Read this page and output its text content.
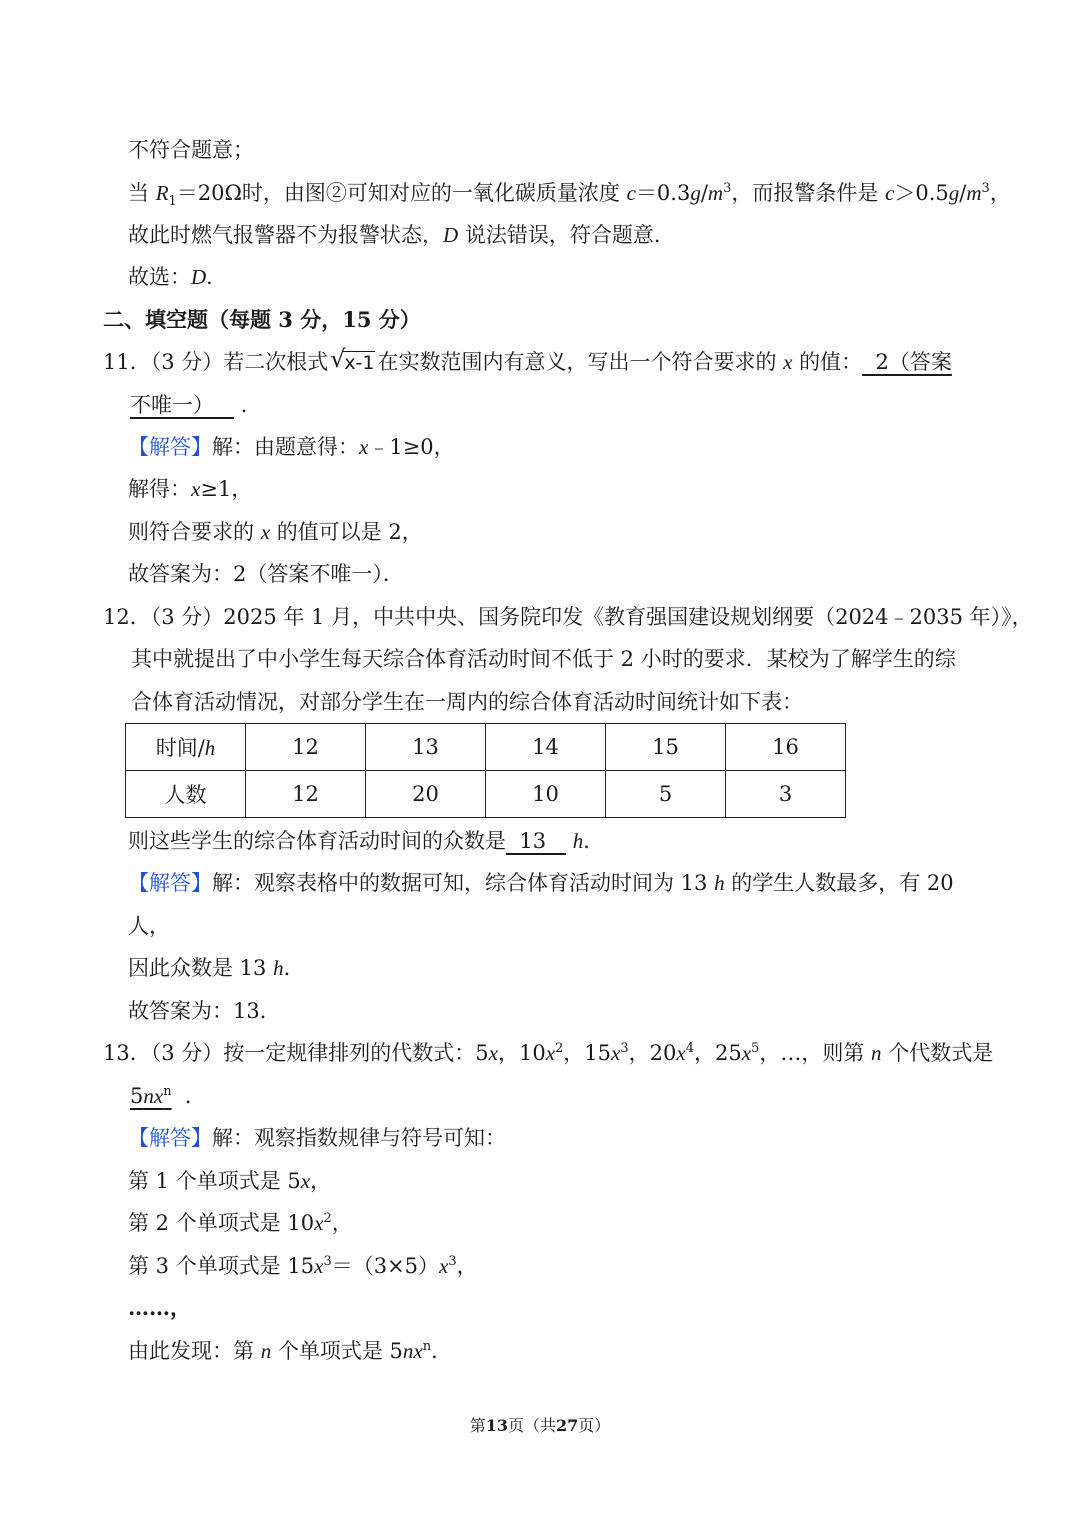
不符合题意；
当 $R_1=20\Omega$时，由图②可知对应的一氧化碳质量浓度 $c=0.3g/m^3$，而报警条件是 $c>0.5g/m^3$，
故此时燃气报警器不为报警状态，D 说法错误，符合题意．
故选：D．
二、填空题（每题 3 分，15 分）
11．（3 分）若二次根式 √
x-1 在实数范围内有意义，写出一个符合要求的 x 的值：  2（答案
不唯一）    ．
【解答】解：由题意得：x﹣1≥0，
解得：x≥1，
则符合要求的 x 的值可以是 2，
故答案为：2（答案不唯一）．
12．（3 分）2025 年 1 月，中共中央、国务院印发《教育强国建设规划纲要（2024﹣2035 年）》，
其中就提出了中小学生每天综合体育活动时间不低于 2 小时的要求．某校为了解学生的综
合体育活动情况，对部分学生在一周内的综合体育活动时间统计如下表：
时间/h	12	13	14	15	16
人数	12	20	10	5	3
则这些学生的综合体育活动时间的众数是  13    h．
【解答】解：观察表格中的数据可知，综合体育活动时间为 13 h 的学生人数最多，有 20
人，
因此众数是 13 h．
故答案为：13．
13．（3 分）按一定规律排列的代数式：5x，$10x^2$，$15x^3$，$20x^4$，$25x^5$，…，则第 n 个代数式是
$5nx^n$  ．
【解答】解：观察指数规律与符号可知：
第 1 个单项式是 5x，
第 2 个单项式是 $10x^2$，
第 3 个单项式是 $15x^3=(3\times 5)x^3$，
……，
由此发现：第 n 个单项式是 $5nx^n$．
第13页（共27页）
